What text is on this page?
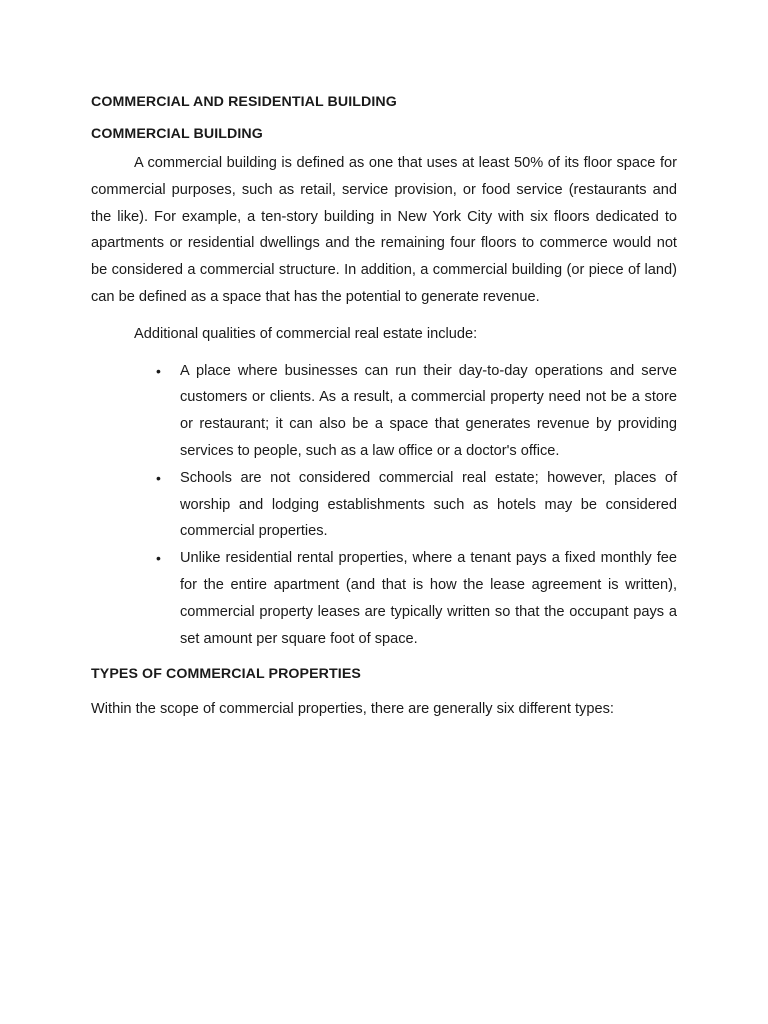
COMMERCIAL AND RESIDENTIAL BUILDING
COMMERCIAL BUILDING

A commercial building is defined as one that uses at least 50% of its floor space for commercial purposes, such as retail, service provision, or food service (restaurants and the like). For example, a ten-story building in New York City with six floors dedicated to apartments or residential dwellings and the remaining four floors to commerce would not be considered a commercial structure. In addition, a commercial building (or piece of land) can be defined as a space that has the potential to generate revenue.

Additional qualities of commercial real estate include:

• A place where businesses can run their day-to-day operations and serve customers or clients. As a result, a commercial property need not be a store or restaurant; it can also be a space that generates revenue by providing services to people, such as a law office or a doctor's office.
• Schools are not considered commercial real estate; however, places of worship and lodging establishments such as hotels may be considered commercial properties.
• Unlike residential rental properties, where a tenant pays a fixed monthly fee for the entire apartment (and that is how the lease agreement is written), commercial property leases are typically written so that the occupant pays a set amount per square foot of space.
TYPES OF COMMERCIAL PROPERTIES

Within the scope of commercial properties, there are generally six different types:
